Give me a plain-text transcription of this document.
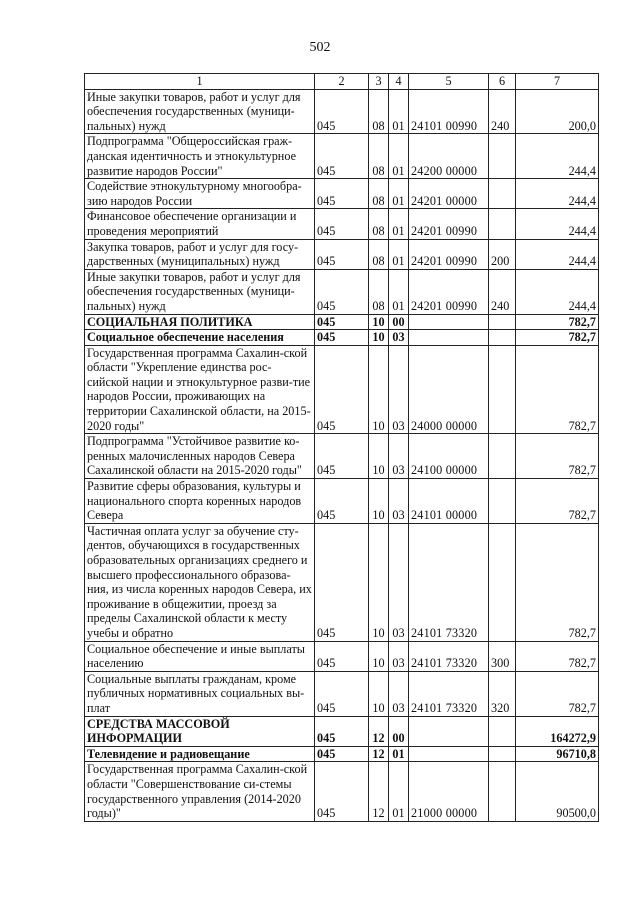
502
1	2	3	4	5	6	7
Иные закупки товаров, работ и услуг для обеспечения государственных (муници-пальных) нужд	045	08	01	24101 00990	240	200,0
Подпрограмма "Общероссийская граж-данская идентичность и этнокультурное развитие народов России"	045	08	01	24200 00000		244,4
Содействие этнокультурному многообра-зию народов России	045	08	01	24201 00000		244,4
Финансовое обеспечение организации и проведения мероприятий	045	08	01	24201 00990		244,4
Закупка товаров, работ и услуг для госу-дарственных (муниципальных) нужд	045	08	01	24201 00990	200	244,4
Иные закупки товаров, работ и услуг для обеспечения государственных (муници-пальных) нужд	045	08	01	24201 00990	240	244,4
СОЦИАЛЬНАЯ ПОЛИТИКА	045	10	00			782,7
Социальное обеспечение населения	045	10	03			782,7
Государственная программа Сахалин-ской области "Укрепление единства рос-сийской нации и этнокультурное разви-тие народов России, проживающих на территории Сахалинской области, на 2015-2020 годы"	045	10	03	24000 00000		782,7
Подпрограмма "Устойчивое развитие ко-ренных малочисленных народов Севера Сахалинской области на 2015-2020 годы"	045	10	03	24100 00000		782,7
Развитие сферы образования, культуры и национального спорта коренных народов Севера	045	10	03	24101 00000		782,7
Частичная оплата услуг за обучение сту-дентов, обучающихся в государственных образовательных организациях среднего и высшего профессионального образова-ния, из числа коренных народов Севера, их проживание в общежитии, проезд за пределы Сахалинской области к месту учебы и обратно	045	10	03	24101 73320		782,7
Социальное обеспечение и иные выплаты населению	045	10	03	24101 73320	300	782,7
Социальные выплаты гражданам, кроме публичных нормативных социальных вы-плат	045	10	03	24101 73320	320	782,7
СРЕДСТВА МАССОВОЙ ИНФОРМАЦИИ	045	12	00			164272,9
Телевидение и радиовещание	045	12	01			96710,8
Государственная программа Сахалин-ской области "Совершенствование си-стемы государственного управления (2014-2020 годы)"	045	12	01	21000 00000		90500,0
